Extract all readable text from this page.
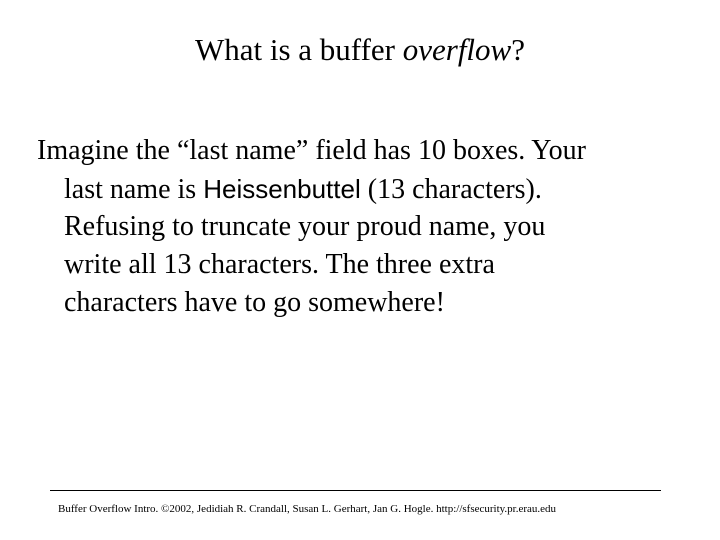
What is a buffer overflow?
Imagine the “last name” field has 10 boxes. Your
last name is Heissenbuttel (13 characters).
Refusing to truncate your proud name, you
write all 13 characters. The three extra
characters have to go somewhere!
Buffer Overflow Intro. ©2002, Jedidiah R. Crandall, Susan L. Gerhart, Jan G. Hogle. http://sfsecurity.pr.erau.edu
